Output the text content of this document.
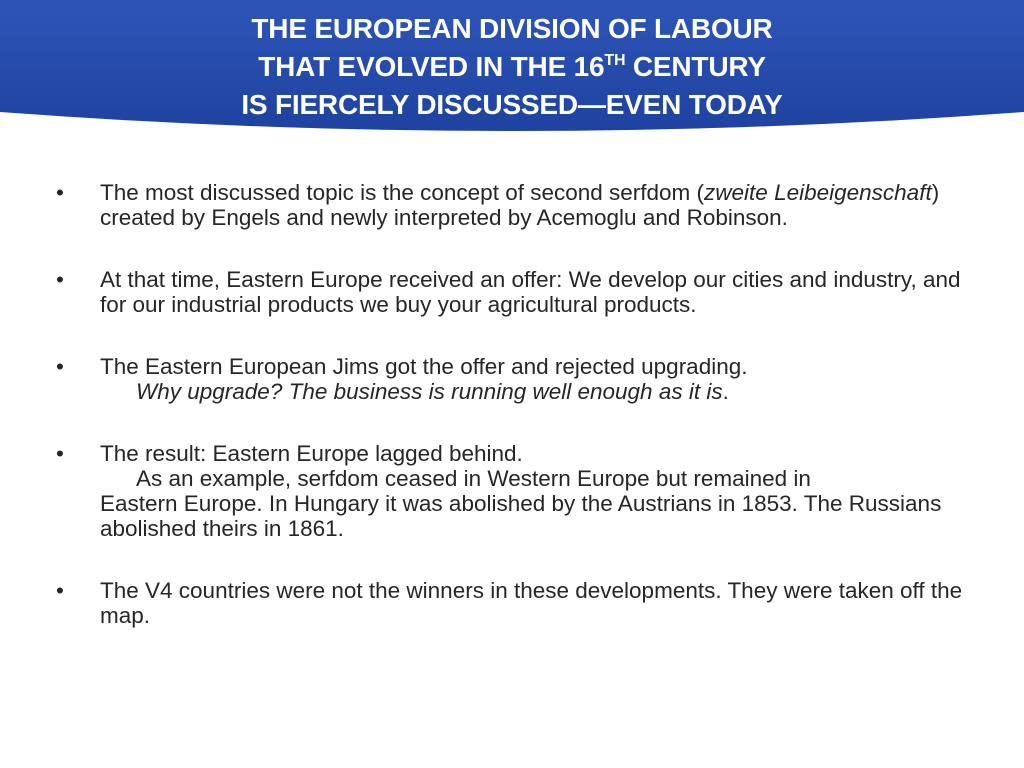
THE EUROPEAN DIVISION OF LABOUR
THAT EVOLVED IN THE 16TH CENTURY
IS FIERCELY DISCUSSED—EVEN TODAY
• The most discussed topic is the concept of second serfdom (zweite Leibeigenschaft) created by Engels and newly interpreted by Acemoglu and Robinson.
• At that time, Eastern Europe received an offer: We develop our cities and industry, and for our industrial products we buy your agricultural products.
• The Eastern European Jims got the offer and rejected upgrading.
Why upgrade? The business is running well enough as it is.
• The result: Eastern Europe lagged behind.
As an example, serfdom ceased in Western Europe but remained in
Eastern Europe. In Hungary it was abolished by the Austrians in 1853. The Russians abolished theirs in 1861.
• The V4 countries were not the winners in these developments. They were taken off the map.
